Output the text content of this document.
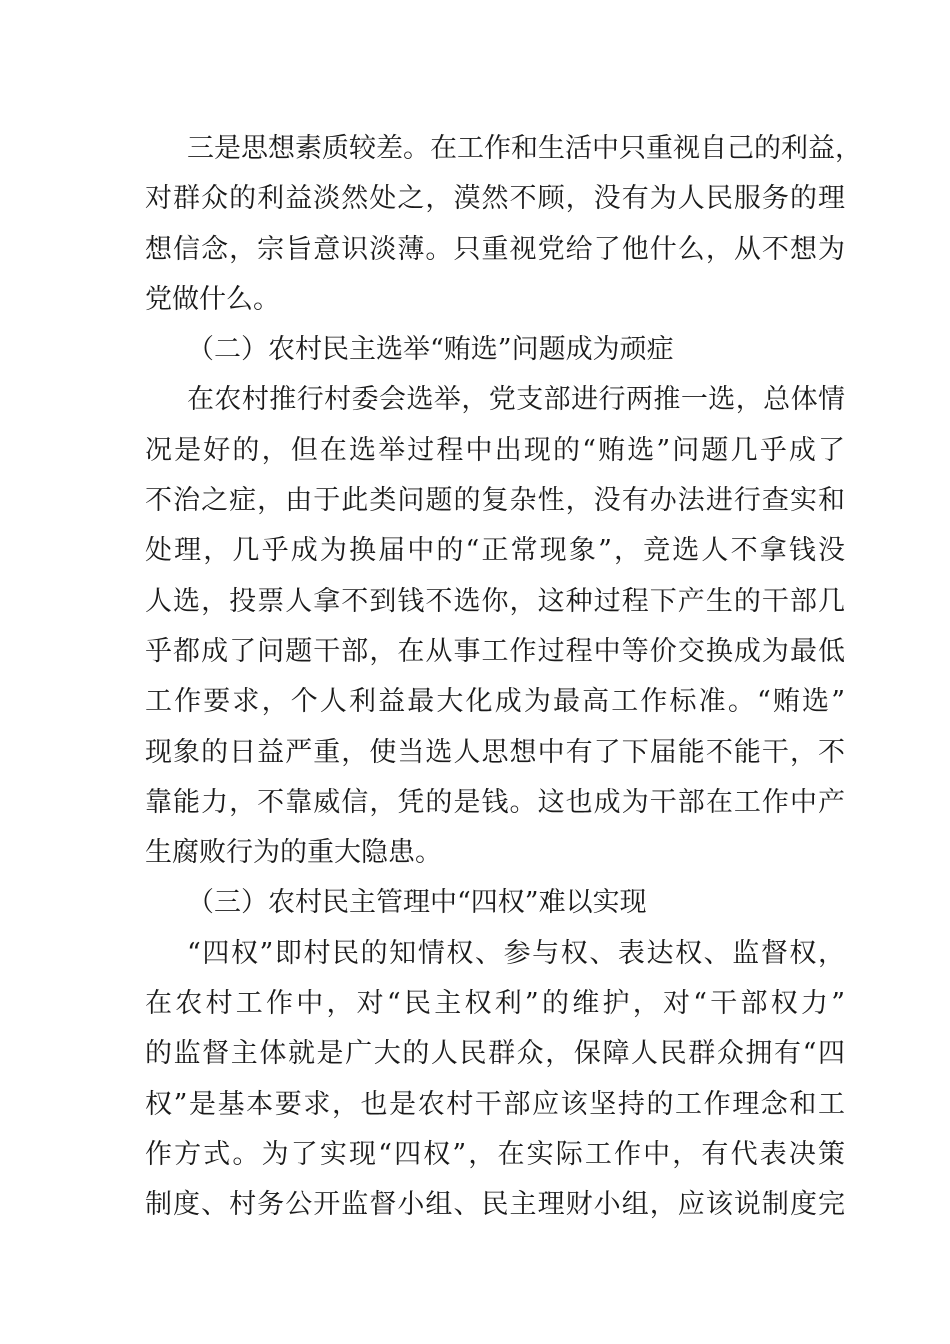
三是思想素质较差。在工作和生活中只重视自己的利益，
对群众的利益淡然处之，漠然不顾，没有为人民服务的理
想信念，宗旨意识淡薄。只重视党给了他什么，从不想为
党做什么。
（二）农村民主选举“贿选”问题成为顽症
在农村推行村委会选举，党支部进行两推一选，总体情
况是好的，但在选举过程中出现的“贿选”问题几乎成了
不治之症，由于此类问题的复杂性，没有办法进行查实和
处理，几乎成为换届中的“正常现象”，竞选人不拿钱没
人选，投票人拿不到钱不选你，这种过程下产生的干部几
乎都成了问题干部，在从事工作过程中等价交换成为最低
工作要求，个人利益最大化成为最高工作标准。“贿选”
现象的日益严重，使当选人思想中有了下届能不能干，不
靠能力，不靠威信，凭的是钱。这也成为干部在工作中产
生腐败行为的重大隐患。
（三）农村民主管理中“四权”难以实现
“四权”即村民的知情权、参与权、表达权、监督权，
在农村工作中，对“民主权利”的维护，对“干部权力”
的监督主体就是广大的人民群众，保障人民群众拥有“四
权”是基本要求，也是农村干部应该坚持的工作理念和工
作方式。为了实现“四权”，在实际工作中，有代表决策
制度、村务公开监督小组、民主理财小组，应该说制度完
